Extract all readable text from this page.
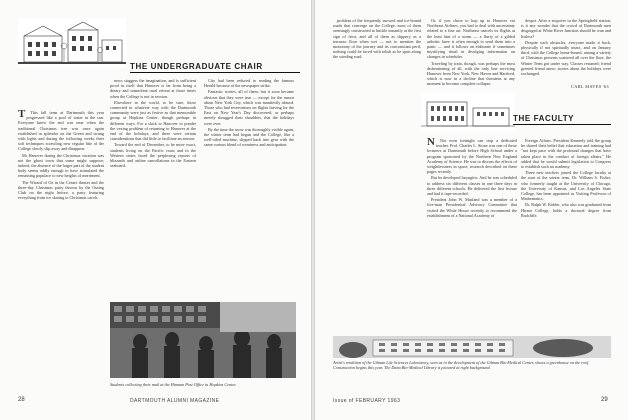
THE UNDERGRADUATE CHAIR
T	This fall term at Dartmouth this year progressed like a pool of water in the sun. Everyone knew the end was near when the traditional Christmas tree was once again established in splendor on the Green and strung with lights and during the following weeks their soft techniques scrawling new regular bite of the College slowly slip away and disappear.

Mr Hanover during the Christmas vacation was not the ghost town that some might suppose; indeed, the absence of the larger part of the student body seems oddly enough to have stimulated the remaining populace to new heights of merriment.

The Wizard of Oz in the Center theater and the three-day Christmas party thrown by the Outing Club on the night before, a party featuring everything from ice skating to Christmas carols.

news staggers the imagination, and is sufficient proof in itself that Hanover is far from being a dreary and somnolent rural retreat at those times when the College is not in session.

Elsewhere in the world, to be sure, those connected in whatever way with the Dartmouth community were just as festive as that memorable group at Hopkins Center, though perhaps in different ways. For a slack to Hanover to ponder the vexing problem of returning to Hanover at the end of the holidays, and there were certain considerations that did little to facilitate an answer.

Toward the end of December, to be more exact, students living on the Pacific coast and in the Western states faced the perplexing reports of blizzards and airline cancellations in the Eastern seaboard.

City had been reduced to reading the famous Herald because of the newspaper strike.

Fantastic stories, all of them; but it soon became obvious that they were true — except for the rumor about New York City, which was manifestly absurd. Those who had reservations on flights leaving for the East on New Year's Day discovered, or perhaps merely shrugged their shoulders, that the holidays were over.

By the time the snow was thoroughly visible again, the winter term had begun and the College, like a well-oiled machine, slipped back into gear with the same curious blend of weariness and anticipation.

Students collecting their mail at the Hinman Post Office in Hopkins Center.
28	DARTMOUTH ALUMNI MAGAZINE

problem of the frequently snowed and ice-bound roads that converge on the College, most of them seemingly constructed to buckle instantly at the first sign of frost, and all of them as slippery as a terrazzo floor when wet — not to mention the monotony of the journey and its concomitant peril, nothing could be faced with relish as he spun along the winding road.

Or, if you chose to hop up to Hanover via Northeast Airlines, you had to deal with uncertainty related to a fine art. Northeast cancels its flights at the least hint of a storm — a flurry of a gilded arthritic knee is often enough to send them into a panic — and it follows an elaborate if sometimes mystifying ritual in divulging information on changes in schedules.

Traveling by train, though, was perhaps the most disheartening of all, with the only line servicing Hanover from New York, New Haven and Hartford, which is now in a decline that threatens at any moment to become complete collapse.

despot. After a stopover in the Springfield station, is it any wonder that the crowd of Dartmouth men disgorged at White River Junction should be wan and listless?

Despite such obstacles, everyone made it back, physically if not spiritually intact, and on January third, with the College home-bound, among a variety of Christmas presents scattered all over the floor, the Winter Term got under way. Classes resumed; friend greeted friend anew; stories about the holidays were exchanged.

CARL MAVES '63
THE FACULTY
N	Not even fortnight can stop a dedicated teacher. Prof. Charles L. Stone was one of those lecturers at Dartmouth before High School under a program sponsored by the Northern New England Academy of Science. He was to discuss the effects of weightlessness in space, research described on these pages recently.

But he developed laryngitis. And he was scheduled to address six different classes in one three days in three different schools. He delivered the first lecture and had it tape-recorded.

President John W. Masland was a member of a five-man Presidential Advisory Committee that visited the White House recently to recommend the establishment of a National Academy of

Foreign Affairs. President Kennedy told the group he shared their belief that education and training had "not kept pace with the profound changes that have taken place in the conduct of foreign affairs." He added that he would submit legislation to Congress to establish such an academy.

Three new teachers joined the College faculty at the start of the winter term. Dr. William S. Fisher, who formerly taught at the University of Chicago, the University of Kansas, and Los Angeles State College, has been appointed as Visiting Professor of Mathematics.

Dr. Ralph W. Kidder, who also was graduated from Hiram College, holds a doctoral degree from Radcliffe.

Artist's rendition of the Gilman Life Sciences Laboratory, seen as in the development of the Gilman Bio-Medical Center, shows a greenhouse on the roof. Construction begins this year. The Dana Bio-Medical Library is pictured at right background.
Issue of FEBRUARY 1963	29
